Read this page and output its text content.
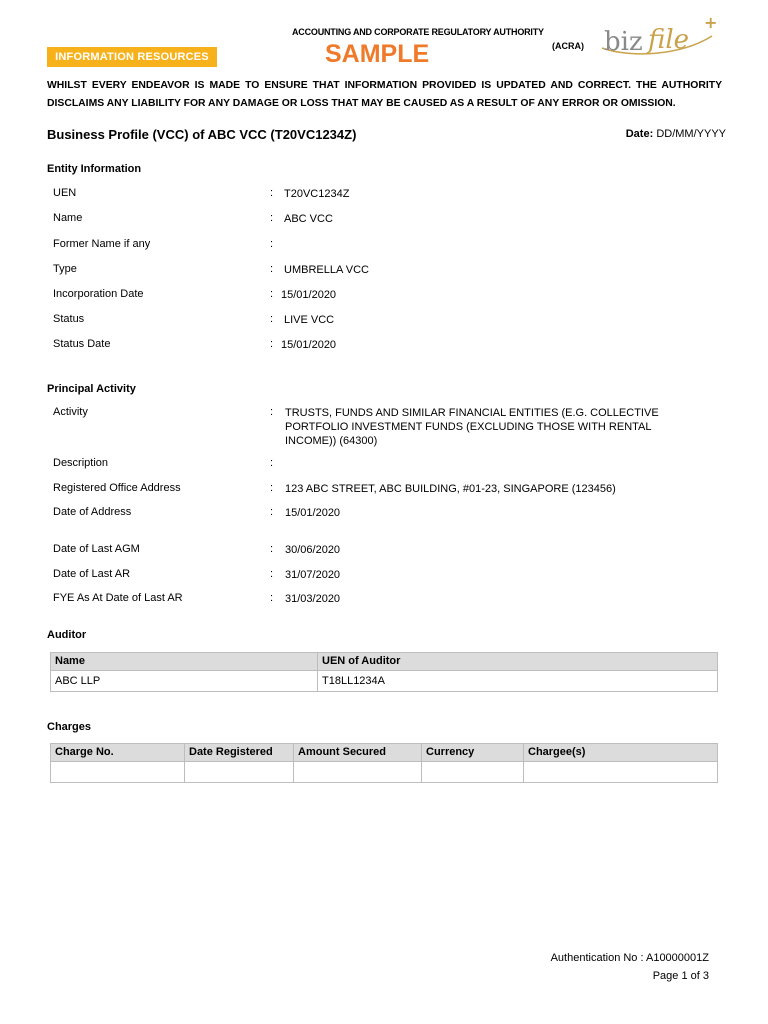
INFORMATION RESOURCES
ACCOUNTING AND CORPORATE REGULATORY AUTHORITY
(ACRA)
SAMPLE	biz file
+
WHILST EVERY ENDEAVOR IS MADE TO ENSURE THAT INFORMATION PROVIDED IS UPDATED AND CORRECT. THE AUTHORITY DISCLAIMS ANY LIABILITY FOR ANY DAMAGE OR LOSS THAT MAY BE CAUSED AS A RESULT OF ANY ERROR OR OMISSION.
Business Profile (VCC) of ABC VCC (T20VC1234Z)	Date: DD/MM/YYYY
Entity Information
UEN	: T20VC1234Z
Name	: ABC VCC
Former Name if any	:
Type	: UMBRELLA VCC
Incorporation Date	: 15/01/2020
Status	: LIVE VCC
Status Date	: 15/01/2020
Principal Activity
Activity	: TRUSTS, FUNDS AND SIMILAR FINANCIAL ENTITIES (E.G. COLLECTIVE PORTFOLIO INVESTMENT FUNDS (EXCLUDING THOSE WITH RENTAL INCOME)) (64300)
Description	:
Registered Office Address	: 123 ABC STREET, ABC BUILDING, #01-23, SINGAPORE (123456)
Date of Address	: 15/01/2020
Date of Last AGM	: 30/06/2020
Date of Last AR	: 31/07/2020
FYE As At Date of Last AR	: 31/03/2020
Auditor
Name	UEN of Auditor
ABC LLP	T18LL1234A
Charges
Charge No.	Date Registered	Amount Secured	Currency	Chargee(s)

Authentication No : A10000001Z
Page 1 of 3
